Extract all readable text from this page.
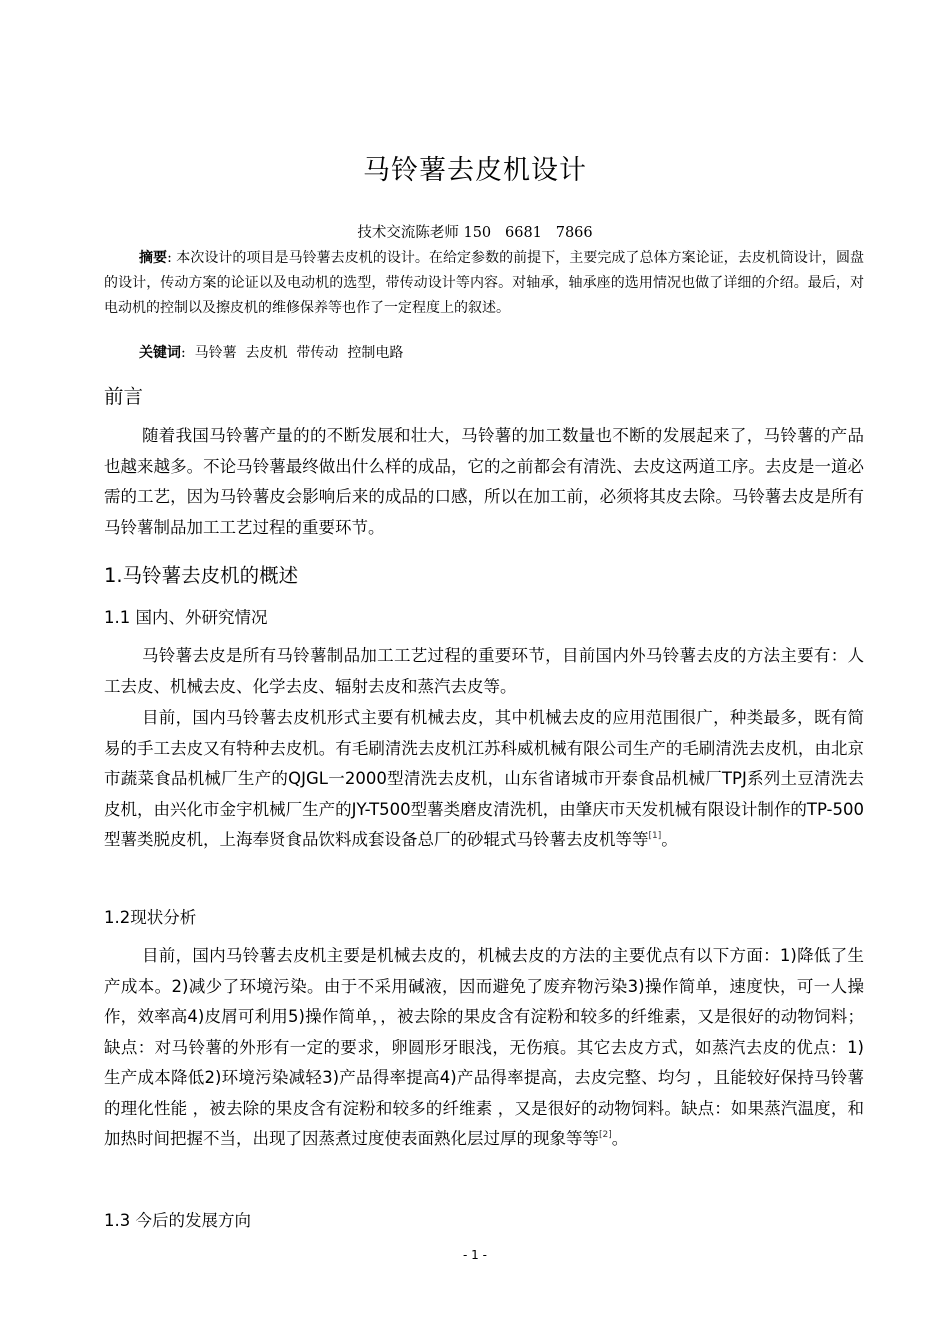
马铃薯去皮机设计
技术交流陈老师 150   6681   7866
摘要: 本次设计的项目是马铃薯去皮机的设计。在给定参数的前提下，主要完成了总体方案论证，去皮机筒设计，圆盘的设计，传动方案的论证以及电动机的选型，带传动设计等内容。对轴承，轴承座的选用情况也做了详细的介绍。最后，对电动机的控制以及擦皮机的维修保养等也作了一定程度上的叙述。
关键词:  马铃薯  去皮机  带传动  控制电路
前言
随着我国马铃薯产量的的不断发展和壮大，马铃薯的加工数量也不断的发展起来了，马铃薯的产品也越来越多。不论马铃薯最终做出什么样的成品，它的之前都会有清洗、去皮这两道工序。去皮是一道必需的工艺，因为马铃薯皮会影响后来的成品的口感，所以在加工前，必须将其皮去除。马铃薯去皮是所有马铃薯制品加工工艺过程的重要环节。
1.马铃薯去皮机的概述
1.1 国内、外研究情况
马铃薯去皮是所有马铃薯制品加工工艺过程的重要环节，目前国内外马铃薯去皮的方法主要有：人工去皮、机械去皮、化学去皮、辐射去皮和蒸汽去皮等。
目前，国内马铃薯去皮机形式主要有机械去皮，其中机械去皮的应用范围很广，种类最多，既有简易的手工去皮又有特种去皮机。有毛刷清洗去皮机江苏科威机械有限公司生产的毛刷清洗去皮机，由北京市蔬菜食品机械厂生产的QJGL一2000型清洗去皮机，山东省诸城市开泰食品机械厂TPJ系列土豆清洗去皮机，由兴化市金宇机械厂生产的JY-T500型薯类磨皮清洗机，由肇庆市天发机械有限设计制作的TP-500型薯类脱皮机，上海奉贤食品饮料成套设备总厂的砂辊式马铃薯去皮机等等[1]。
1.2现状分析
目前，国内马铃薯去皮机主要是机械去皮的，机械去皮的方法的主要优点有以下方面：1)降低了生产成本。2)减少了环境污染。由于不采用碱液，因而避免了废弃物污染3)操作简单，速度快，可一人操作，效率高4)皮屑可利用5)操作简单，，被去除的果皮含有淀粉和较多的纤维素，又是很好的动物饲料；缺点：对马铃薯的外形有一定的要求，卵圆形牙眼浅，无伤痕。其它去皮方式，如蒸汽去皮的优点：1) 生产成本降低2)环境污染减轻3)产品得率提高4)产品得率提高，去皮完整、均匀 ，且能较好保持马铃薯的理化性能 ，被去除的果皮含有淀粉和较多的纤维素 ，又是很好的动物饲料。缺点：如果蒸汽温度，和加热时间把握不当，出现了因蒸煮过度使表面熟化层过厚的现象等等[2]。
1.3 今后的发展方向
- 1 -
